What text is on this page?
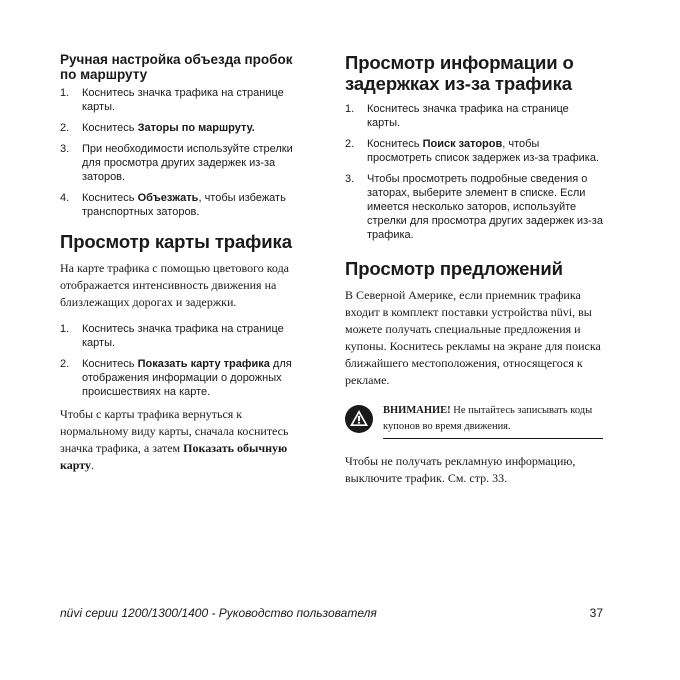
Ручная настройка объезда пробок по маршруту
1. Коснитесь значка трафика на странице карты.
2. Коснитесь Заторы по маршруту.
3. При необходимости используйте стрелки для просмотра других задержек из-за заторов.
4. Коснитесь Объезжать, чтобы избежать транспортных заторов.
Просмотр карты трафика

На карте трафика с помощью цветового кода отображается интенсивность движения на близлежащих дорогах и задержки.

1. Коснитесь значка трафика на странице карты.
2. Коснитесь Показать карту трафика для отображения информации о дорожных происшествиях на карте.

Чтобы с карты трафика вернуться к нормальному виду карты, сначала коснитесь значка трафика, а затем Показать обычную карту.

Просмотр информации о задержках из-за трафика
1. Коснитесь значка трафика на странице карты.
2. Коснитесь Поиск заторов, чтобы просмотреть список задержек из-за трафика.
3. Чтобы просмотреть подробные сведения о заторах, выберите элемент в списке. Если имеется несколько заторов, используйте стрелки для просмотра других задержек из-за трафика.
Просмотр предложений

В Северной Америке, если приемник трафика входит в комплект поставки устройства nüvi, вы можете получать специальные предложения и купоны. Коснитесь рекламы на экране для поиска ближайшего местоположения, относящегося к рекламе.

ВНИМАНИЕ! Не пытайтесь записывать коды купонов во время движения.

Чтобы не получать рекламную информацию, выключите трафик. См. стр. 33.

nüvi серии 1200/1300/1400 - Руководство пользователя	37
